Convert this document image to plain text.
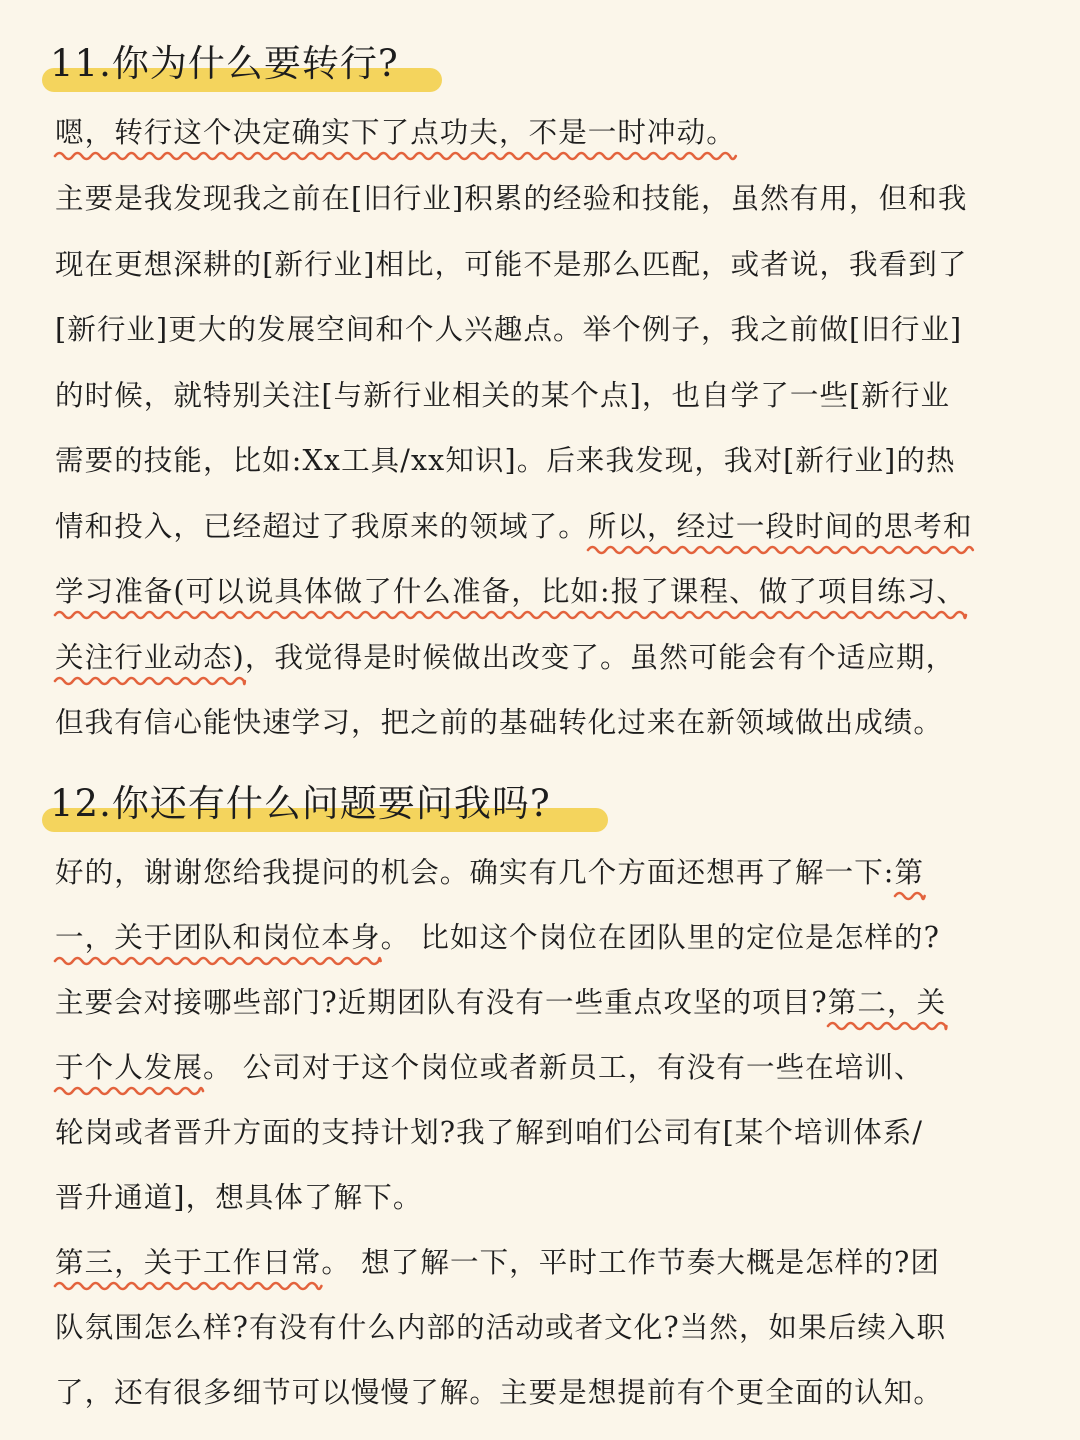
11.你为什么要转行?
嗯，转行这个决定确实下了点功夫，不是一时冲动。
主要是我发现我之前在[旧行业]积累的经验和技能，虽然有用，但和我
现在更想深耕的[新行业]相比，可能不是那么匹配，或者说，我看到了
[新行业]更大的发展空间和个人兴趣点。举个例子，我之前做[旧行业]
的时候，就特别关注[与新行业相关的某个点]，也自学了一些[新行业
需要的技能，比如:Xx工具/xx知识]。后来我发现，我对[新行业]的热
情和投入，已经超过了我原来的领域了。所以，经过一段时间的思考和
学习准备(可以说具体做了什么准备，比如:报了课程、做了项目练习、
关注行业动态)
，我觉得是时候做出改变了。虽然可能会有个适应期，
但我有信心能快速学习，把之前的基础转化过来在新领域做出成绩。
12.你还有什么问题要问我吗?
好的，谢谢您给我提问的机会。确实有几个方面还想再了解一下:第
一，关于团队和岗位本身
。 比如这个岗位在团队里的定位是怎样的?
主要会对接哪些部门?近期团队有没有一些重点攻坚的项目?第二，关
于个人发展
。 公司对于这个岗位或者新员工，有没有一些在培训、
轮岗或者晋升方面的支持计划?我了解到咱们公司有[某个培训体系/
晋升通道]，想具体了解下。
第三，关于工作日常
。 想了解一下，平时工作节奏大概是怎样的?团
队氛围怎么样?有没有什么内部的活动或者文化?当然，如果后续入职
了，还有很多细节可以慢慢了解。主要是想提前有个更全面的认知。
